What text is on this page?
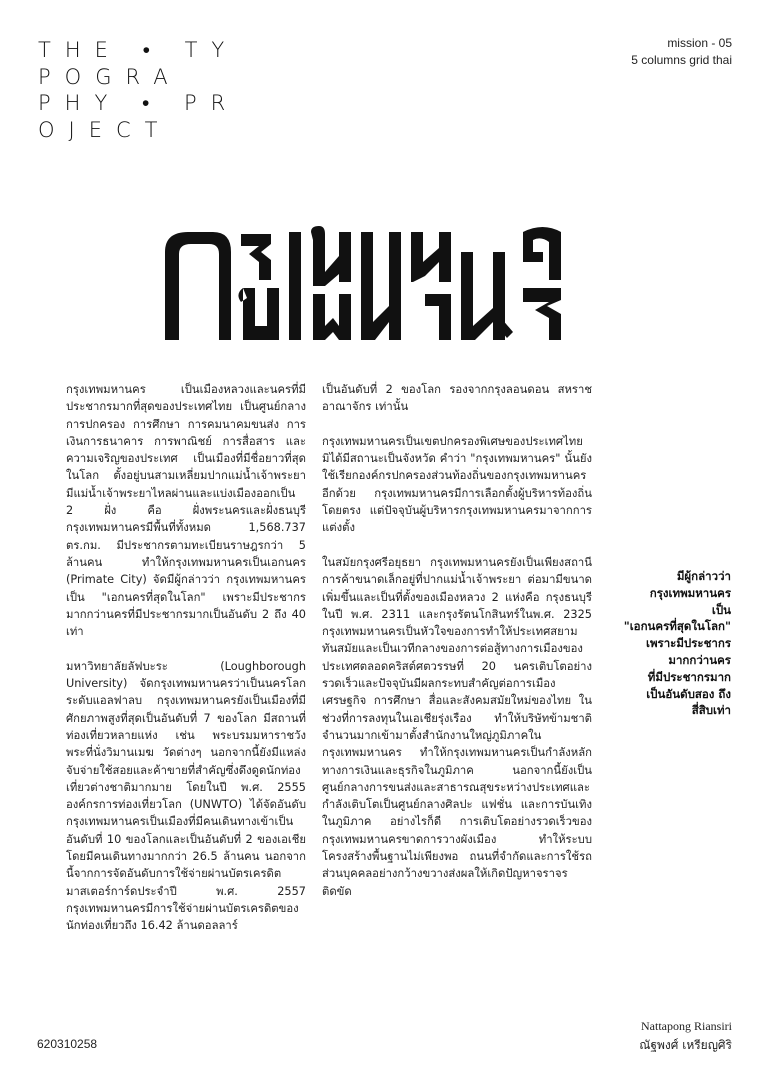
THE • TY
POGRA
PHY • PR
OJECT
mission - 05
5 columns grid thai

กรุงเทพมหานคร เป็นเมืองหลวงและนครที่มีประชากรมากที่สุดของประเทศไทย เป็นศูนย์กลางการปกครอง การศึกษา การคมนาคมขนส่ง การเงินการธนาคาร การพาณิชย์ การสื่อสาร และความเจริญของประเทศ เป็นเมืองที่มีชื่อยาวที่สุดในโลก ตั้งอยู่บนสามเหลี่ยมปากแม่น้ำเจ้าพระยา มีแม่น้ำเจ้าพระยาไหลผ่านและแบ่งเมืองออกเป็น 2 ฝั่ง คือ ฝั่งพระนครและฝั่งธนบุรี กรุงเทพมหานครมีพื้นที่ทั้งหมด 1,568.737 ตร.กม. มีประชากรตามทะเบียนราษฎรกว่า 5 ล้านคน ทำให้กรุงเทพมหานครเป็นเอกนคร (Primate City) จัดมีผู้กล่าวว่า กรุงเทพมหานครเป็น "เอกนครที่สุดในโลก" เพราะมีประชากรมากกว่านครที่มีประชากรมากเป็นอันดับ 2 ถึง 40 เท่า

มหาวิทยาลัยลัฟบะระ (Loughborough University) จัดกรุงเทพมหานครว่าเป็นนครโลกระดับแอลฟาลบ กรุงเทพมหานครยังเป็นเมืองที่มีศักยภาพสูงที่สุดเป็นอันดับที่ 7 ของโลก มีสถานที่ท่องเที่ยวหลายแห่ง เช่น พระบรมมหาราชวัง พระที่นั่งวิมานเมฆ วัดต่างๆ นอกจากนี้ยังมีแหล่งจับจ่ายใช้สอยและค้าขายที่สำคัญซึ่งดึงดูดนักท่องเที่ยวต่างชาติมากมาย โดยในปี พ.ศ. 2555 องค์กรการท่องเที่ยวโลก (UNWTO) ได้จัดอันดับกรุงเทพมหานครเป็นเมืองที่มีคนเดินทางเข้าเป็นอันดับที่ 10 ของโลกและเป็นอันดับที่ 2 ของเอเชีย โดยมีคนเดินทางมากกว่า 26.5 ล้านคน นอกจากนี้จากการจัดอันดับการใช้จ่ายผ่านบัตรเครดิตมาสเตอร์การ์ดประจำปี พ.ศ. 2557 กรุงเทพมหานครมีการใช้จ่ายผ่านบัตรเครดิตของนักท่องเที่ยวถึง 16.42 ล้านดอลลาร์

เป็นอันดับที่ 2 ของโลก รองจากกรุงลอนดอน สหราชอาณาจักร เท่านั้น

กรุงเทพมหานครเป็นเขตปกครองพิเศษของประเทศไทย มิได้มีสถานะเป็นจังหวัด คำว่า "กรุงเทพมหานคร" นั้นยังใช้เรียกองค์กรปกครองส่วนท้องถิ่นของกรุงเทพมหานครอีกด้วย กรุงเทพมหานครมีการเลือกตั้งผู้บริหารท้องถิ่นโดยตรง แต่ปัจจุบันผู้บริหารกรุงเทพมหานครมาจากการแต่งตั้ง

ในสมัยกรุงศรีอยุธยา กรุงเทพมหานครยังเป็นเพียงสถานีการค้าขนาดเล็กอยู่ที่ปากแม่น้ำเจ้าพระยา ต่อมามีขนาดเพิ่มขึ้นและเป็นที่ตั้งของเมืองหลวง 2 แห่งคือ กรุงธนบุรี ในปี พ.ศ. 2311 และกรุงรัตนโกสินทร์ในพ.ศ. 2325 กรุงเทพมหานครเป็นหัวใจของการทำให้ประเทศสยามทันสมัยและเป็นเวทีกลางของการต่อสู้ทางการเมืองของประเทศตลอดคริสต์ศตวรรษที่ 20 นครเติบโตอย่างรวดเร็วและปัจจุบันมีผลกระทบสำคัญต่อการเมือง เศรษฐกิจ การศึกษา สื่อและสังคมสมัยใหม่ของไทย ในช่วงที่การลงทุนในเอเชียรุ่งเรือง ทำให้บริษัทข้ามชาติจำนวนมากเข้ามาตั้งสำนักงานใหญ่ภูมิภาคในกรุงเทพมหานคร ทำให้กรุงเทพมหานครเป็นกำลังหลักทางการเงินและธุรกิจในภูมิภาค นอกจากนี้ยังเป็นศูนย์กลางการขนส่งและสาธารณสุขระหว่างประเทศและกำลังเติบโตเป็นศูนย์กลางศิลปะ แฟชั่น และการบันเทิงในภูมิภาค อย่างไรก็ดี การเติบโตอย่างรวดเร็วของกรุงเทพมหานครขาดการวางผังเมือง ทำให้ระบบโครงสร้างพื้นฐานไม่เพียงพอ ถนนที่จำกัดและการใช้รถส่วนบุคคลอย่างกว้างขวางส่งผลให้เกิดปัญหาจราจรติดขัด

มีผู้กล่าวว่า
กรุงเทพมหานคร
เป็น
"เอกนครที่สุดในโลก"
เพราะมีประชากร
มากกว่านคร
ที่มีประชากรมาก
เป็นอันดับสอง ถึง
สี่สิบเท่า
620310258
Nattapong Riansiri
ณัฐพงศ์ เหรียญศิริ
